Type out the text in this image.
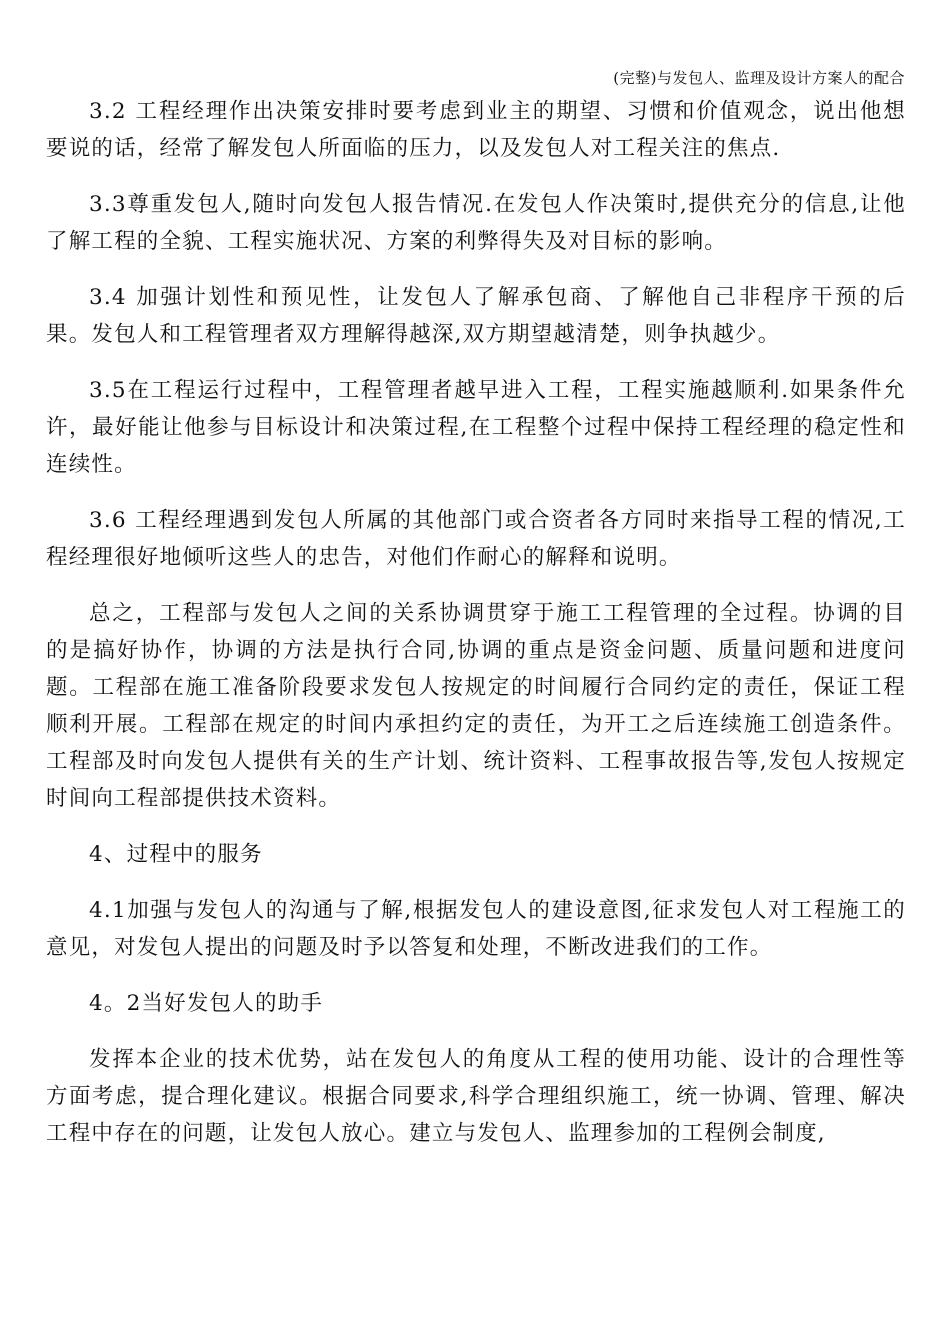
(完整)与发包人、监理及设计方案人的配合

3.2 工程经理作出决策安排时要考虑到业主的期望、习惯和价值观念，说出他想要说的话，经常了解发包人所面临的压力，以及发包人对工程关注的焦点.

3.3尊重发包人,随时向发包人报告情况.在发包人作决策时,提供充分的信息,让他了解工程的全貌、工程实施状况、方案的利弊得失及对目标的影响。

3.4 加强计划性和预见性，让发包人了解承包商、了解他自己非程序干预的后果。发包人和工程管理者双方理解得越深,双方期望越清楚，则争执越少。

3.5在工程运行过程中，工程管理者越早进入工程，工程实施越顺利.如果条件允许，最好能让他参与目标设计和决策过程,在工程整个过程中保持工程经理的稳定性和连续性。

3.6 工程经理遇到发包人所属的其他部门或合资者各方同时来指导工程的情况,工程经理很好地倾听这些人的忠告，对他们作耐心的解释和说明。

总之，工程部与发包人之间的关系协调贯穿于施工工程管理的全过程。协调的目的是搞好协作，协调的方法是执行合同,协调的重点是资金问题、质量问题和进度问题。工程部在施工准备阶段要求发包人按规定的时间履行合同约定的责任，保证工程顺利开展。工程部在规定的时间内承担约定的责任，为开工之后连续施工创造条件。工程部及时向发包人提供有关的生产计划、统计资料、工程事故报告等,发包人按规定时间向工程部提供技术资料。

4、过程中的服务

4.1加强与发包人的沟通与了解,根据发包人的建设意图,征求发包人对工程施工的意见，对发包人提出的问题及时予以答复和处理，不断改进我们的工作。

4。2当好发包人的助手

发挥本企业的技术优势，站在发包人的角度从工程的使用功能、设计的合理性等方面考虑，提合理化建议。根据合同要求,科学合理组织施工，统一协调、管理、解决工程中存在的问题，让发包人放心。建立与发包人、监理参加的工程例会制度,
